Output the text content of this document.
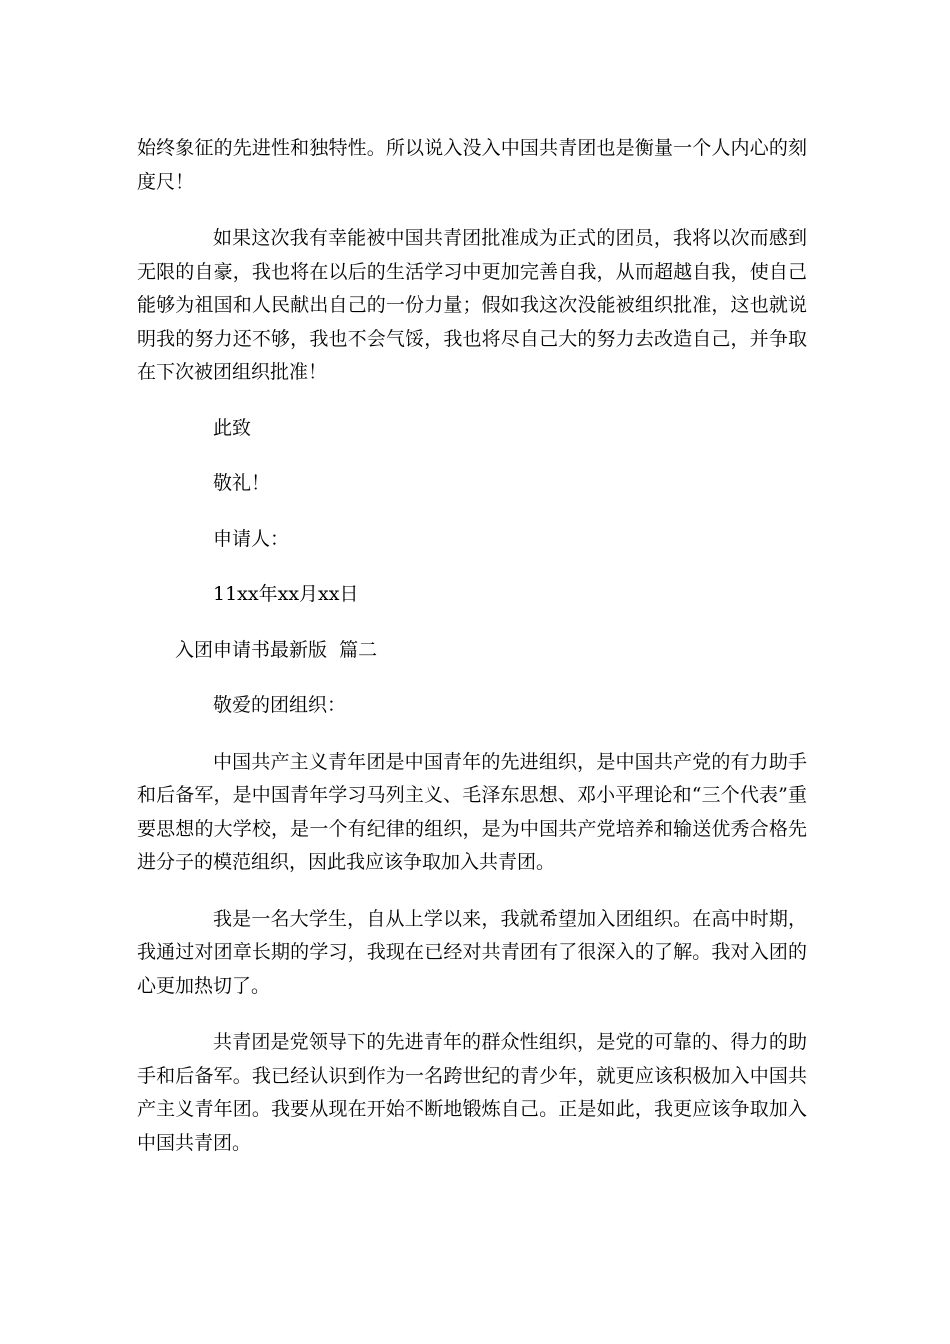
始终象征的先进性和独特性。所以说入没入中国共青团也是衡量一个人内心的刻度尺！

如果这次我有幸能被中国共青团批准成为正式的团员，我将以次而感到无限的自豪，我也将在以后的生活学习中更加完善自我，从而超越自我，使自己能够为祖国和人民献出自己的一份力量；假如我这次没能被组织批准，这也就说明我的努力还不够，我也不会气馁，我也将尽自己大的努力去改造自己，并争取在下次被团组织批准！

此致

敬礼！

申请人：

11xx年xx月xx日

入团申请书最新版  篇二

敬爱的团组织：

中国共产主义青年团是中国青年的先进组织，是中国共产党的有力助手和后备军，是中国青年学习马列主义、毛泽东思想、邓小平理论和“三个代表”重要思想的大学校，是一个有纪律的组织，是为中国共产党培养和输送优秀合格先进分子的模范组织，因此我应该争取加入共青团。

我是一名大学生，自从上学以来，我就希望加入团组织。在高中时期，我通过对团章长期的学习，我现在已经对共青团有了很深入的了解。我对入团的心更加热切了。

共青团是党领导下的先进青年的群众性组织，是党的可靠的、得力的助手和后备军。我已经认识到作为一名跨世纪的青少年，就更应该积极加入中国共产主义青年团。我要从现在开始不断地锻炼自己。正是如此，我更应该争取加入中国共青团。
